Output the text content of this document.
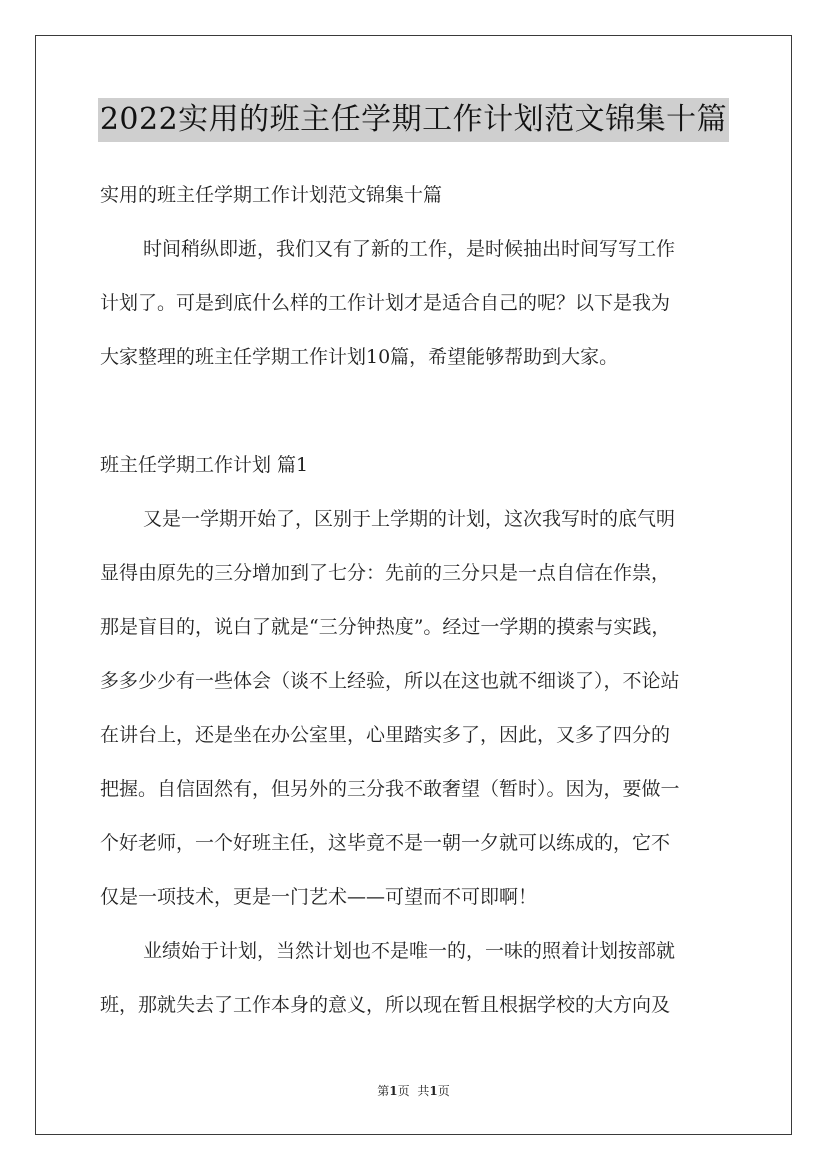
2022实用的班主任学期工作计划范文锦集十篇
实用的班主任学期工作计划范文锦集十篇
时间稍纵即逝，我们又有了新的工作，是时候抽出时间写写工作
计划了。可是到底什么样的工作计划才是适合自己的呢？以下是我为
大家整理的班主任学期工作计划10篇，希望能够帮助到大家。
班主任学期工作计划 篇1
又是一学期开始了，区别于上学期的计划，这次我写时的底气明
显得由原先的三分增加到了七分：先前的三分只是一点自信在作祟，
那是盲目的，说白了就是“三分钟热度”。经过一学期的摸索与实践，
多多少少有一些体会（谈不上经验，所以在这也就不细谈了），不论站
在讲台上，还是坐在办公室里，心里踏实多了，因此，又多了四分的
把握。自信固然有，但另外的三分我不敢奢望（暂时）。因为，要做一
个好老师，一个好班主任，这毕竟不是一朝一夕就可以练成的，它不
仅是一项技术，更是一门艺术——可望而不可即啊！
业绩始于计划，当然计划也不是唯一的，一味的照着计划按部就
班，那就失去了工作本身的意义，所以现在暂且根据学校的大方向及
第1页 共1页
